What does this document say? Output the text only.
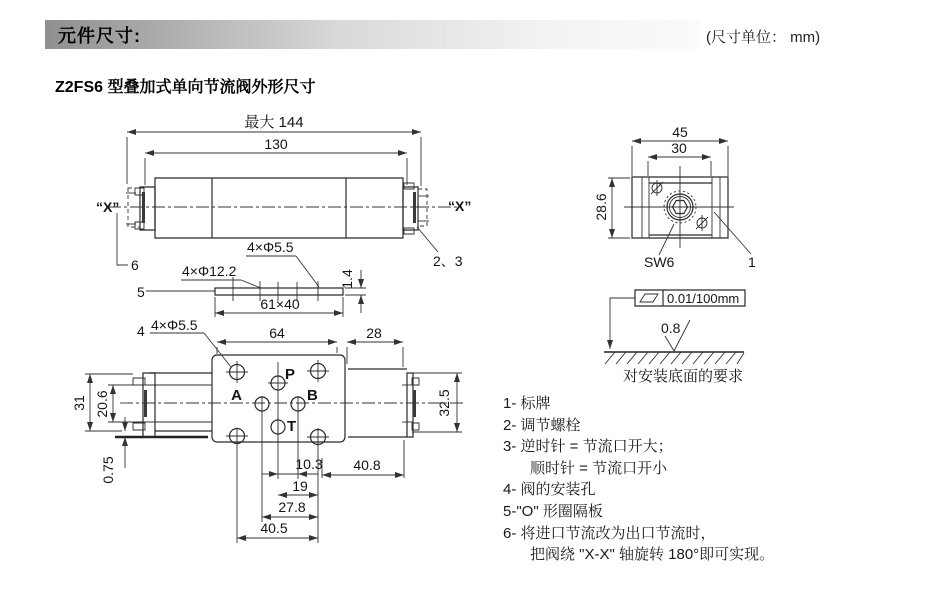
元件尺寸:	(尺寸单位： mm)
Z2FS6 型叠加式单向节流阀外形尺寸
最大 144
130
“X”	“X”
6	2、3
5
4×Φ12.2
4×Φ5.5
61×40
1.4
P
A	B
T
64	28
31 20.6
0.75
32.5
10.3 40.8
19
27.8
40.5
4 4×Φ5.5
45
30
28.6
SW6	1
0.01/100mm
0.8
对安装底面的要求
1- 标牌
2- 调节螺栓
3- 逆时针 = 节流口开大；
顺时针 = 节流口开小
4- 阀的安装孔
5-"O" 形圈隔板
6- 将进口节流改为出口节流时，
把阀绕 "X-X" 轴旋转 180°即可实现。
